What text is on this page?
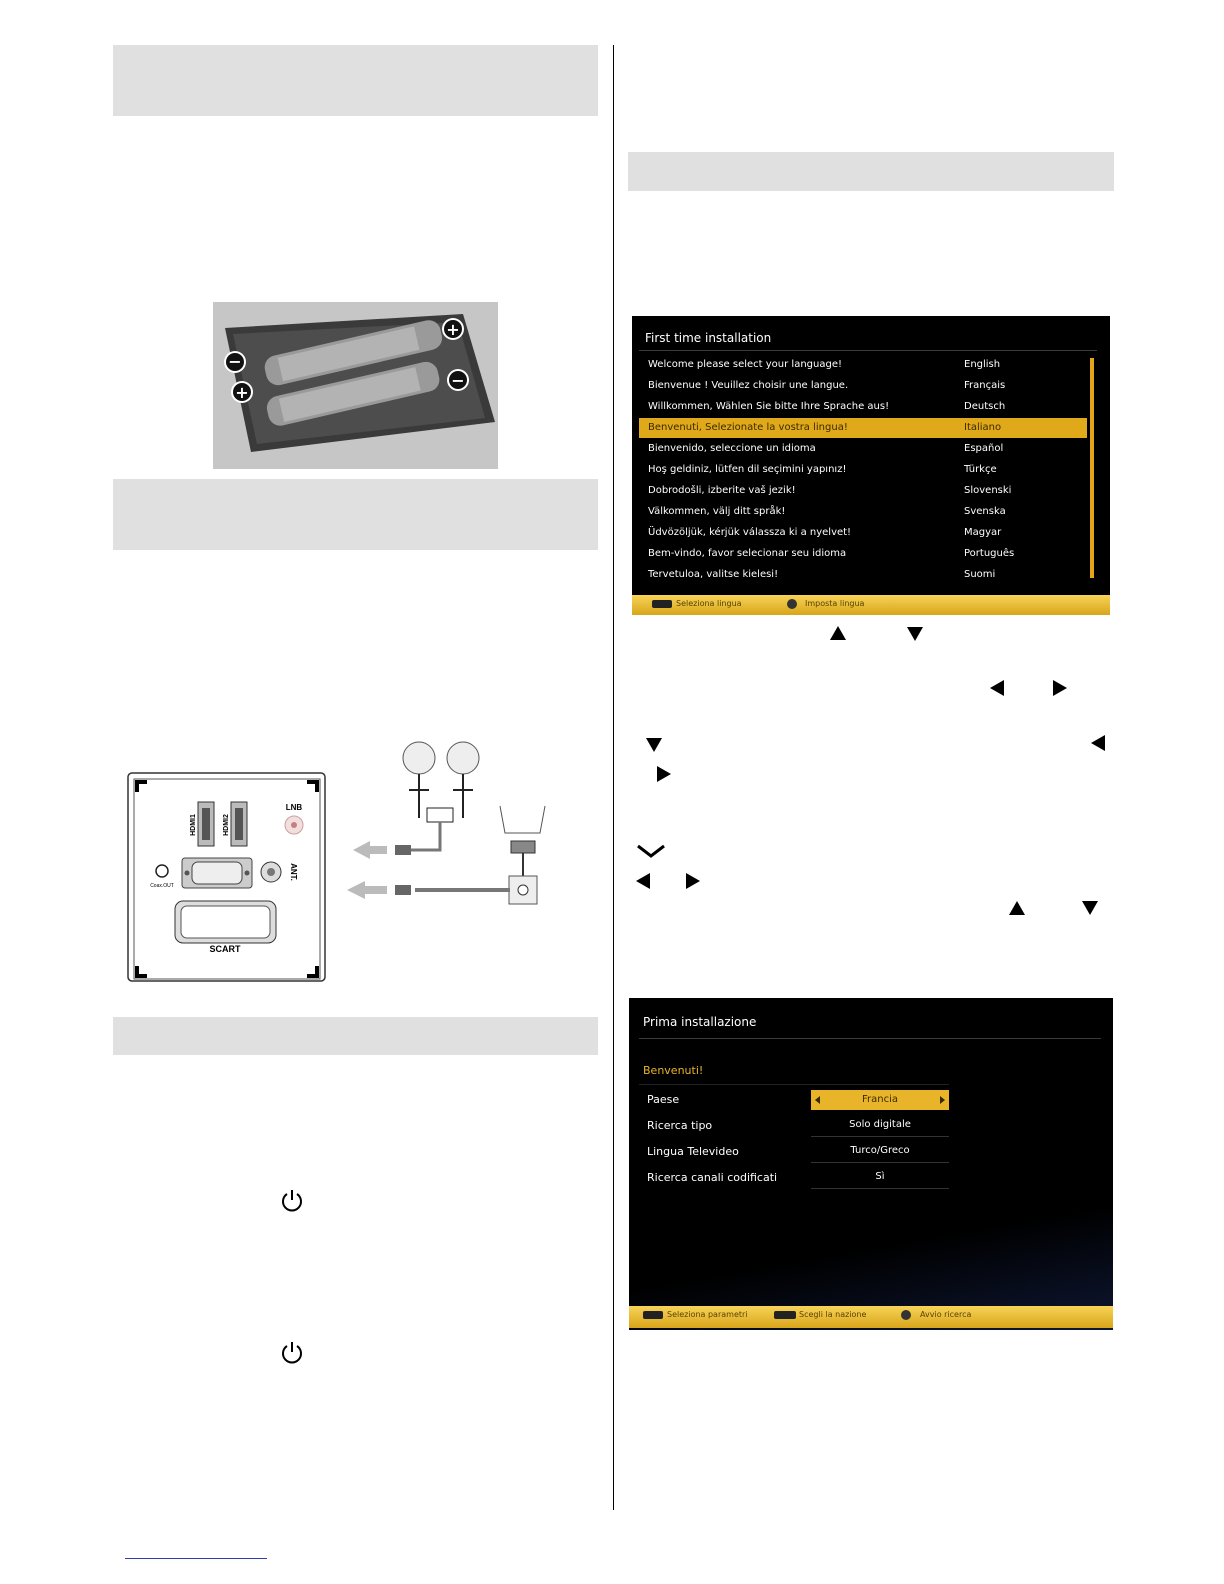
−
+
+
−
HDMI1	HDMI2
LNB
Coax.OUT
ANT.
SCART
First time installation
Welcome please select your language!	English
Bienvenue ! Veuillez choisir une langue.	Français
Willkommen, Wählen Sie bitte Ihre Sprache aus!	Deutsch
Benvenuti, Selezionate la vostra lingua!	Italiano
Bienvenido, seleccione un idioma	Español
Hoş geldiniz, lütfen dil seçimini yapınız!	Türkçe
Dobrodošli, izberite vaš jezik!	Slovenski
Välkommen, välj ditt språk!	Svenska
Üdvözöljük, kérjük válassza ki a nyelvet!	Magyar
Bem-vindo, favor selecionar seu idioma	Português
Tervetuloa, valitse kielesi!	Suomi
Seleziona lingua	Imposta lingua
Prima installazione
Benvenuti!
Paese	Francia
Ricerca tipo	Solo digitale
Lingua Televideo	Turco/Greco
Ricerca canali codificati	Sì
Seleziona parametri	Scegli la nazione	Avvio ricerca
